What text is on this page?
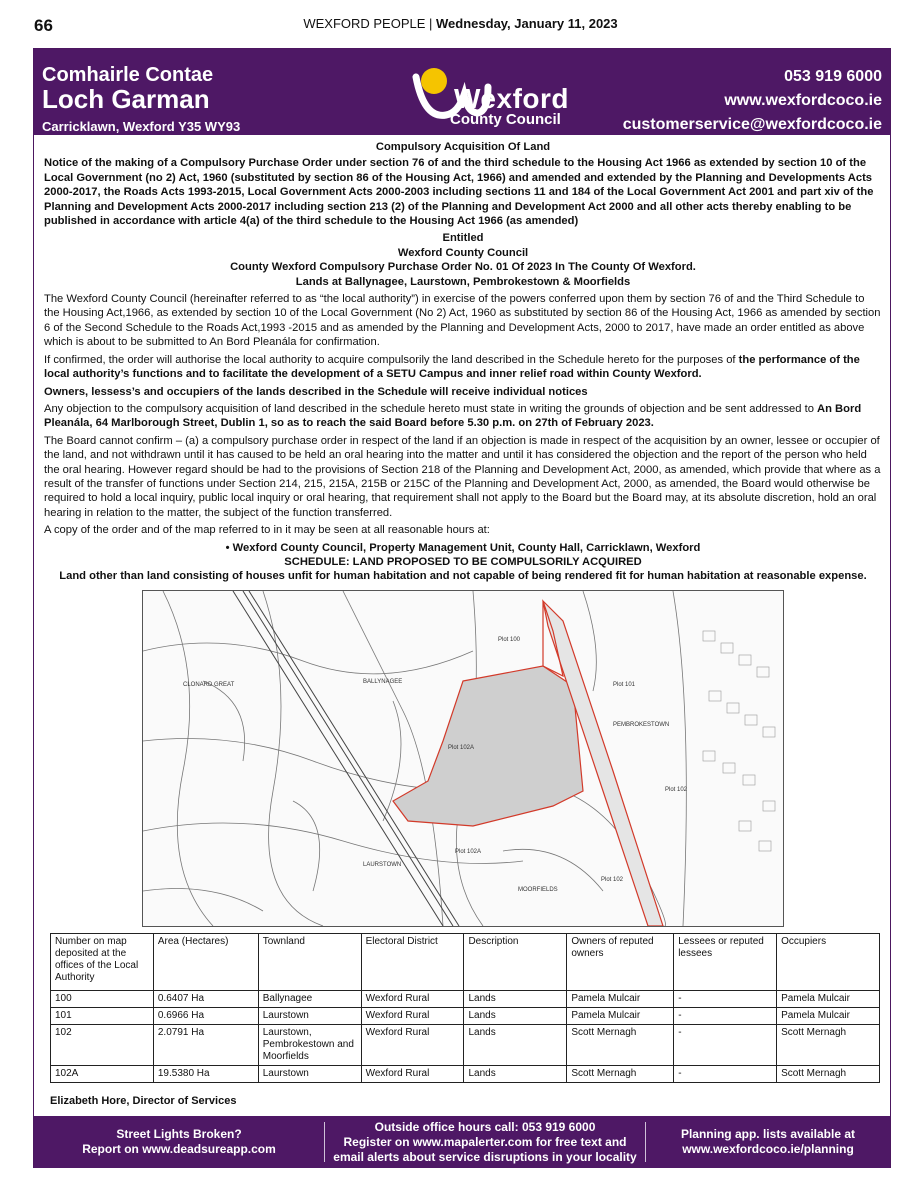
66	WEXFORD PEOPLE | Wednesday, January 11, 2023
Comhairle Contae
Loch Garman
Carricklawn, Wexford Y35 WY93
Wexford
County Council
053 919 6000
www.wexfordcoco.ie
customerservice@wexfordcoco.ie

Compulsory Acquisition Of Land

Notice of the making of a Compulsory Purchase Order under section 76 of and the third schedule to the Housing Act 1966 as extended by section 10 of the Local Government (no 2) Act, 1960 (substituted by section 86 of the Housing Act, 1966) and amended and extended by the Planning and Developments Acts 2000-2017, the Roads Acts 1993-2015, Local Government Acts 2000-2003 including sections 11 and 184 of the Local Government Act 2001 and part xiv of the Planning and Development Acts 2000-2017 including section 213 (2) of the Planning and Development Act 2000 and all other acts thereby enabling to be published in accordance with article 4(a) of the third schedule to the Housing Act 1966 (as amended)

Entitled

Wexford County Council

County Wexford Compulsory Purchase Order No. 01 Of 2023 In The County Of Wexford.

Lands at Ballynagee, Laurstown, Pembrokestown & Moorfields

The Wexford County Council (hereinafter referred to as “the local authority”) in exercise of the powers conferred upon them by section 76 of and the Third Schedule to the Housing Act,1966, as extended by section 10 of the Local Government (No 2) Act, 1960 as substituted by section 86 of the Housing Act, 1966 as amended by section 6 of the Second Schedule to the Roads Act,1993 -2015 and as amended by the Planning and Development Acts, 2000 to 2017, have made an order entitled as above which is about to be submitted to An Bord Pleanála for confirmation.

If confirmed, the order will authorise the local authority to acquire compulsorily the land described in the Schedule hereto for the purposes of the performance of the local authority’s functions and to facilitate the development of a SETU Campus and inner relief road within County Wexford.

Owners, lessess’s and occupiers of the lands described in the Schedule will receive individual notices

Any objection to the compulsory acquisition of land described in the schedule hereto must state in writing the grounds of objection and be sent addressed to An Bord Pleanála, 64 Marlborough Street, Dublin 1, so as to reach the said Board before 5.30 p.m. on 27th of February 2023.

The Board cannot confirm – (a) a compulsory purchase order in respect of the land if an objection is made in respect of the acquisition by an owner, lessee or occupier of the land, and not withdrawn until it has caused to be held an oral hearing into the matter and until it has considered the objection and the report of the person who held the oral hearing. However regard should be had to the provisions of Section 218 of the Planning and Development Act, 2000, as amended, which provide that where as a result of the transfer of functions under Section 214, 215, 215A, 215B or 215C of the Planning and Development Act, 2000, as amended, the Board would otherwise be required to hold a local inquiry, public local inquiry or oral hearing, that requirement shall not apply to the Board but the Board may, at its absolute discretion, hold an oral hearing in relation to the matter, the subject of the function transferred.

A copy of the order and of the map referred to in it may be seen at all reasonable hours at:

• Wexford County Council, Property Management Unit, County Hall, Carricklawn, Wexford

SCHEDULE: LAND PROPOSED TO BE COMPULSORILY ACQUIRED

Land other than land consisting of houses unfit for human habitation and not capable of being rendered fit for human habitation at reasonable expense.

Plot 100
Plot 101
Plot 102A
Plot 102
Plot 102A
Plot 102
CLONARD GREAT	BALLYNAGEE
PEMBROKESTOWN
LAURSTOWN
MOORFIELDS
Number on map deposited at the offices of the Local Authority	Area (Hectares)	Townland	Electoral District	Description	Owners of reputed owners	Lessees or reputed lessees	Occupiers
100	0.6407 Ha	Ballynagee	Wexford Rural	Lands	Pamela Mulcair	-	Pamela Mulcair
101	0.6966 Ha	Laurstown	Wexford Rural	Lands	Pamela Mulcair	-	Pamela Mulcair
102	2.0791 Ha	Laurstown, Pembrokestown and Moorfields	Wexford Rural	Lands	Scott Mernagh	-	Scott Mernagh
102A	19.5380 Ha	Laurstown	Wexford Rural	Lands	Scott Mernagh	-	Scott Mernagh
Elizabeth Hore, Director of Services
Street Lights Broken?
Report on www.deadsureapp.com
Outside office hours call: 053 919 6000
Register on www.mapalerter.com for free text and
email alerts about service disruptions in your locality
Planning app. lists available at
www.wexfordcoco.ie/planning
